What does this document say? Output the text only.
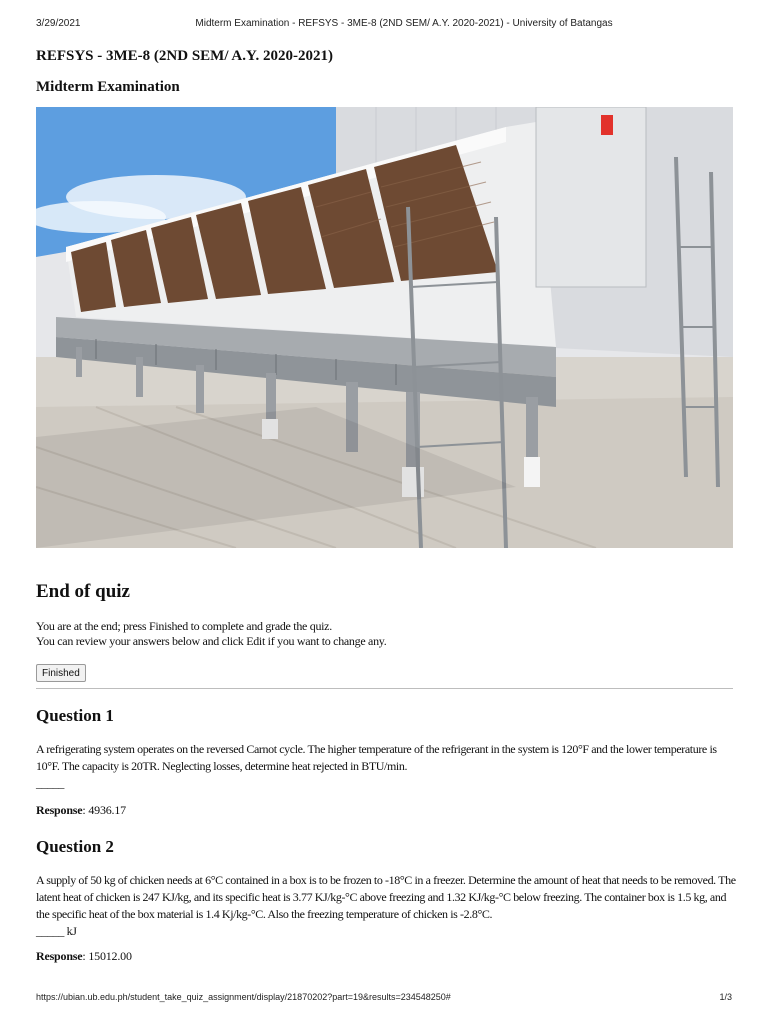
3/29/2021	Midterm Examination - REFSYS - 3ME-8 (2ND SEM/ A.Y. 2020-2021) - University of Batangas
REFSYS - 3ME-8 (2ND SEM/ A.Y. 2020-2021)
Midterm Examination
End of quiz
You are at the end; press Finished to complete and grade the quiz.
You can review your answers below and click Edit if you want to change any.
Finished
Question 1
A refrigerating system operates on the reversed Carnot cycle. The higher temperature of the refrigerant in the system is 120°F and the lower temperature is 10°F. The capacity is 20TR. Neglecting losses, determine heat rejected in BTU/min.
_____
Response: 4936.17
Question 2
A supply of 50 kg of chicken needs at 6°C contained in a box is to be frozen to -18°C in a freezer. Determine the amount of heat that needs to be removed. The latent heat of chicken is 247 KJ/kg, and its specific heat is 3.77 KJ/kg-°C above freezing and 1.32 KJ/kg-°C below freezing. The container box is 1.5 kg, and the specific heat of the box material is 1.4 Kj/kg-°C. Also the freezing temperature of chicken is -2.8°C.
_____ kJ
Response: 15012.00
https://ubian.ub.edu.ph/student_take_quiz_assignment/display/21870202?part=19&results=234548250#	1/3
